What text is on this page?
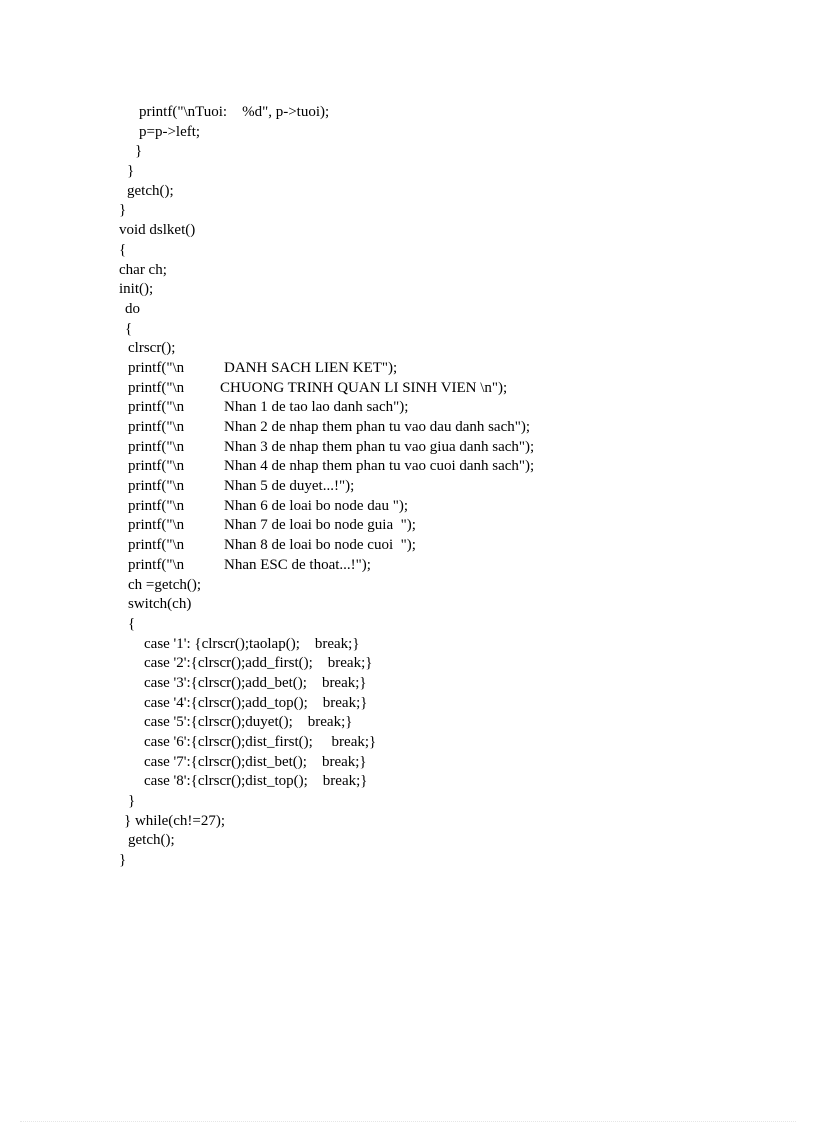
printf("\nTuoi:    %d", p->tuoi);
p=p->left;
}
}
getch();
}
void dslket()
{
char ch;
init();
do
{
clrscr();
printf("\n	DANH SACH LIEN KET");
printf("\n CHUONG TRINH QUAN LI SINH VIEN \n");
printf("\n	Nhan 1 de tao lao danh sach");
printf("\n	Nhan 2 de nhap them phan tu vao dau danh sach");
printf("\n	Nhan 3 de nhap them phan tu vao giua danh sach");
printf("\n	Nhan 4 de nhap them phan tu vao cuoi danh sach");
printf("\n	Nhan 5 de duyet...!");
printf("\n	Nhan 6 de loai bo node dau ");
printf("\n	Nhan 7 de loai bo node guia  ");
printf("\n	Nhan 8 de loai bo node cuoi  ");
printf("\n	Nhan ESC de thoat...!");
ch =getch();
switch(ch)
{
case '1': {clrscr();taolap();    break;}
case '2':{clrscr();add_first();    break;}
case '3':{clrscr();add_bet();    break;}
case '4':{clrscr();add_top();    break;}
case '5':{clrscr();duyet();    break;}
case '6':{clrscr();dist_first();     break;}
case '7':{clrscr();dist_bet();    break;}
case '8':{clrscr();dist_top();    break;}
}
} while(ch!=27);
getch();
}
